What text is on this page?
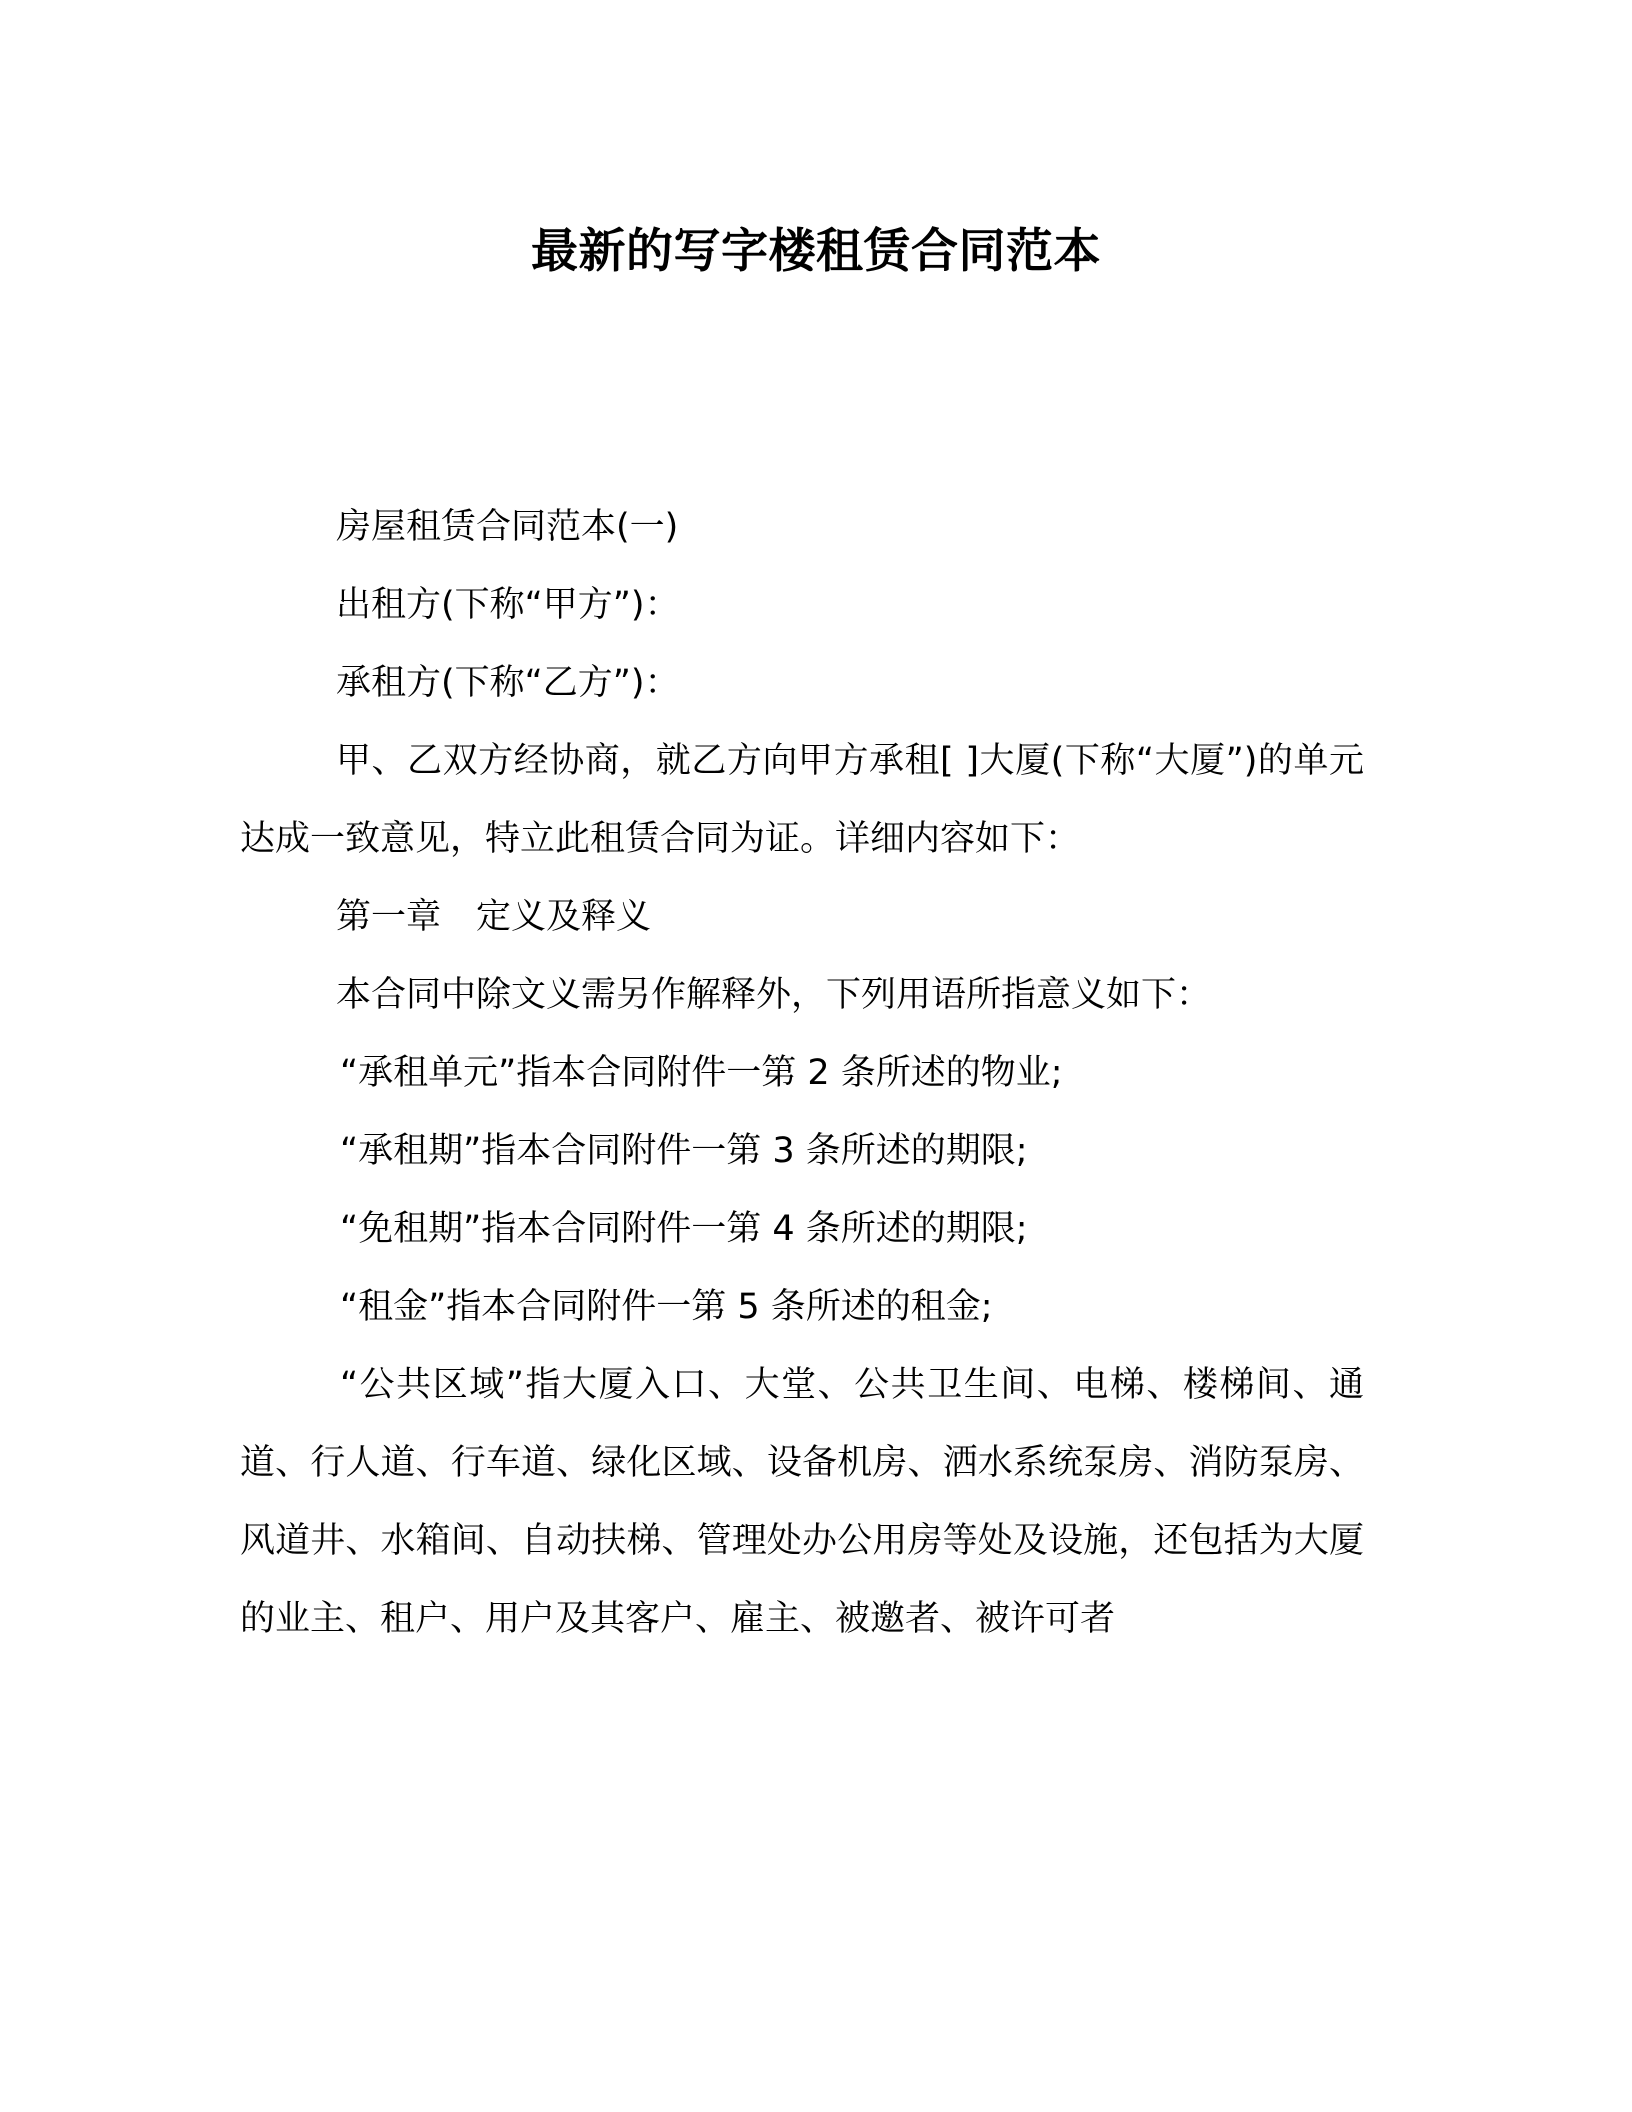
最新的写字楼租赁合同范本

房屋租赁合同范本(一)

出租方(下称“甲方”)：

承租方(下称“乙方”)：

甲、乙双方经协商，就乙方向甲方承租[ ]大厦(下称“大厦”)的单元达成一致意见，特立此租赁合同为证。详细内容如下：

第一章　定义及释义

本合同中除文义需另作解释外，下列用语所指意义如下：

“承租单元”指本合同附件一第 2 条所述的物业;

“承租期”指本合同附件一第 3 条所述的期限;

“免租期”指本合同附件一第 4 条所述的期限;

“租金”指本合同附件一第 5 条所述的租金;

“公共区域”指大厦入口、大堂、公共卫生间、电梯、楼梯间、通道、行人道、行车道、绿化区域、设备机房、洒水系统泵房、消防泵房、风道井、水箱间、自动扶梯、管理处办公用房等处及设施，还包括为大厦的业主、租户、用户及其客户、雇主、被邀者、被许可者
